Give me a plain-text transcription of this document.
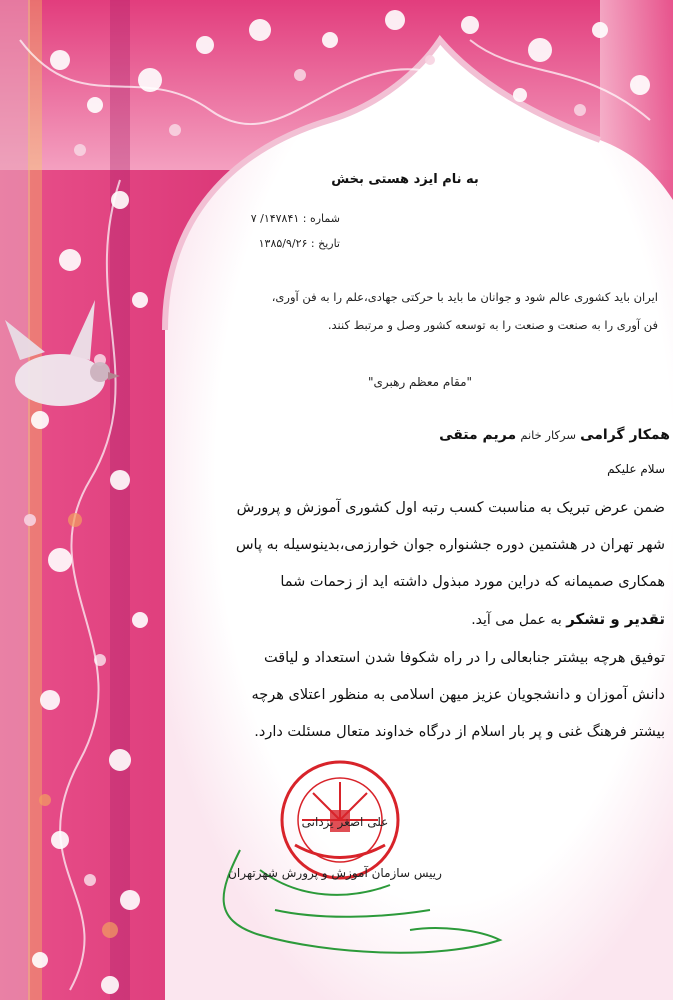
به نام ایزد هستی بخش
شماره : ۱۴۷۸۴۱/ ۷
تاریخ : ۱۳۸۵/۹/۲۶
ایران باید کشوری عالم شود و جوانان ما باید با حرکتی جهادی،علم را به فن آوری،
فن آوری را به صنعت و صنعت را به توسعه کشور وصل و مرتبط کنند.
"مقام معظم رهبری"
همکار گرامی سرکار خانم مریم متقی
سلام علیکم
ضمن عرض تبریک به مناسبت کسب رتبه اول کشوری آموزش و پرورش
شهر تهران در هشتمین دوره جشنواره جوان خوارزمی،بدینوسیله به پاس
همکاری صمیمانه که دراین مورد مبذول داشته اید از زحمات شما
تقدیر و تشکر به عمل می آید.
توفیق هرچه بیشتر جنابعالی را در راه شکوفا شدن استعداد و لیاقت
دانش آموزان و دانشجویان عزیز میهن اسلامی به منظور اعتلای هرچه
بیشتر فرهنگ غنی و پر بار اسلام از درگاه خداوند متعال مسئلت دارد.
علی اصغر یزدانی
رییس سازمان آموزش و پرورش شهرتهران
